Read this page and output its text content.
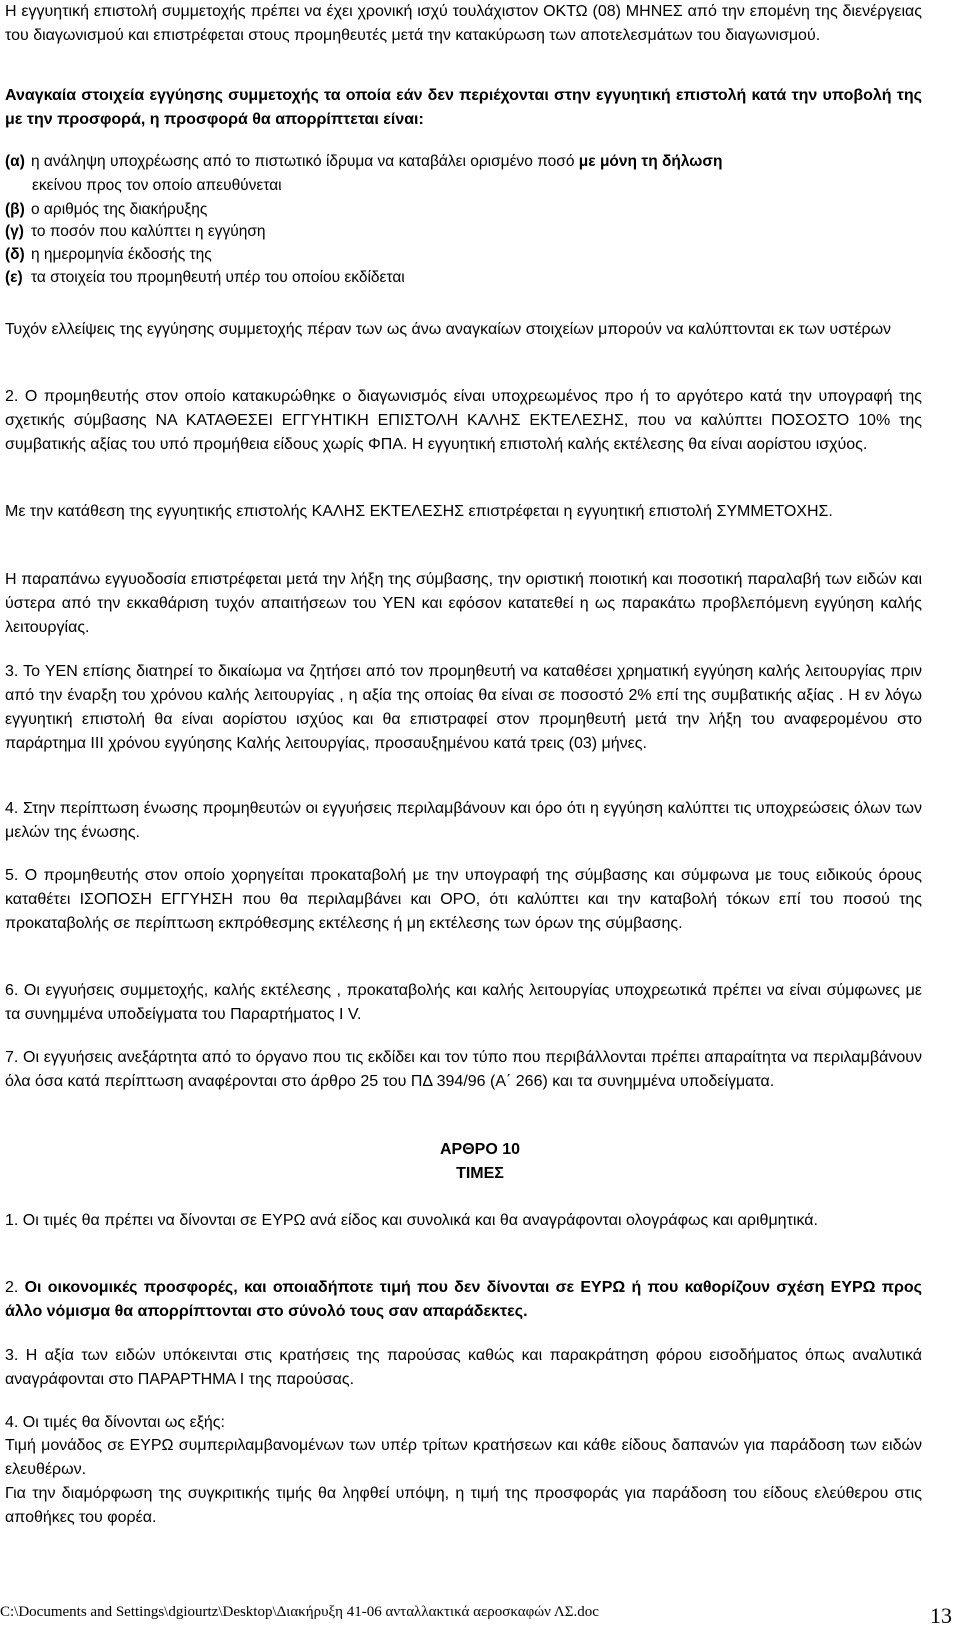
Η εγγυητική επιστολή συμμετοχής πρέπει να έχει χρονική ισχύ τουλάχιστον ΟΚΤΩ (08) ΜΗΝΕΣ από την επομένη της διενέργειας του διαγωνισμού και επιστρέφεται στους προμηθευτές μετά την κατακύρωση των αποτελεσμάτων του διαγωνισμού.

Αναγκαία στοιχεία εγγύησης συμμετοχής τα οποία εάν δεν περιέχονται στην εγγυητική επιστολή κατά την υποβολή της με την προσφορά, η προσφορά θα απορρίπτεται είναι:

(α) η ανάληψη υποχρέωσης από το πιστωτικό ίδρυμα να καταβάλει ορισμένο ποσό με μόνη τη δήλωση

εκείνου προς τον οποίο απευθύνεται

(β) ο αριθμός της διακήρυξης

(γ) το ποσόν που καλύπτει η εγγύηση

(δ) η ημερομηνία έκδοσής της

(ε) τα στοιχεία του προμηθευτή υπέρ του οποίου εκδίδεται

Τυχόν ελλείψεις της εγγύησης συμμετοχής πέραν των ως άνω αναγκαίων στοιχείων μπορούν να καλύπτονται εκ των υστέρων

2. Ο προμηθευτής στον οποίο κατακυρώθηκε ο διαγωνισμός είναι υποχρεωμένος προ ή το αργότερο κατά την υπογραφή της σχετικής σύμβασης ΝΑ ΚΑΤΑΘΕΣΕΙ ΕΓΓΥΗΤΙΚΗ ΕΠΙΣΤΟΛΗ ΚΑΛΗΣ ΕΚΤΕΛΕΣΗΣ, που να καλύπτει ΠΟΣΟΣΤΟ 10% της συμβατικής αξίας του υπό προμήθεια είδους χωρίς ΦΠΑ. Η εγγυητική επιστολή καλής εκτέλεσης θα είναι αορίστου ισχύος.

Με την κατάθεση της εγγυητικής επιστολής ΚΑΛΗΣ ΕΚΤΕΛΕΣΗΣ επιστρέφεται η εγγυητική επιστολή ΣΥΜΜΕΤΟΧΗΣ.

Η παραπάνω εγγυοδοσία επιστρέφεται μετά την λήξη της σύμβασης, την οριστική ποιοτική και ποσοτική παραλαβή των ειδών και ύστερα από την εκκαθάριση τυχόν απαιτήσεων του ΥΕΝ και εφόσον κατατεθεί η ως παρακάτω προβλεπόμενη εγγύηση καλής λειτουργίας.

3. Το ΥΕΝ επίσης διατηρεί το δικαίωμα να ζητήσει από τον προμηθευτή να καταθέσει χρηματική εγγύηση καλής λειτουργίας πριν από την έναρξη του χρόνου καλής λειτουργίας , η αξία της οποίας θα είναι σε ποσοστό 2% επί της συμβατικής αξίας . Η εν λόγω εγγυητική επιστολή θα είναι αορίστου ισχύος και θα επιστραφεί στον προμηθευτή μετά την λήξη του αναφερομένου στο παράρτημα ΙΙΙ χρόνου εγγύησης Καλής λειτουργίας, προσαυξημένου κατά τρεις (03) μήνες.

4. Στην περίπτωση ένωσης προμηθευτών οι εγγυήσεις περιλαμβάνουν και όρο ότι η εγγύηση καλύπτει τις υποχρεώσεις όλων των μελών της ένωσης.

5. Ο προμηθευτής στον οποίο χορηγείται προκαταβολή με την υπογραφή της σύμβασης και σύμφωνα με τους ειδικούς όρους καταθέτει ΙΣΟΠΟΣΗ ΕΓΓΥΗΣΗ που θα περιλαμβάνει και ΟΡΟ, ότι καλύπτει και την καταβολή τόκων επί του ποσού της προκαταβολής σε περίπτωση εκπρόθεσμης εκτέλεσης ή μη εκτέλεσης των όρων της σύμβασης.

6. Οι εγγυήσεις συμμετοχής, καλής εκτέλεσης , προκαταβολής και καλής λειτουργίας υποχρεωτικά πρέπει να είναι σύμφωνες με τα συνημμένα υποδείγματα του Παραρτήματος Ι V.

7. Οι εγγυήσεις ανεξάρτητα από το όργανο που τις εκδίδει και τον τύπο που περιβάλλονται πρέπει απαραίτητα να περιλαμβάνουν όλα όσα κατά περίπτωση αναφέρονται στο άρθρο 25 του ΠΔ 394/96 (Α΄ 266) και τα συνημμένα υποδείγματα.

ΑΡΘΡΟ 10

ΤΙΜΕΣ

1. Οι τιμές θα πρέπει να δίνονται σε ΕΥΡΩ ανά είδος και συνολικά και θα αναγράφονται ολογράφως και αριθμητικά.

2. Οι οικονομικές προσφορές, και οποιαδήποτε τιμή που δεν δίνονται σε ΕΥΡΩ ή που καθορίζουν σχέση ΕΥΡΩ προς άλλο νόμισμα θα απορρίπτονται στο σύνολό τους σαν απαράδεκτες.

3. Η αξία των ειδών υπόκεινται στις κρατήσεις της παρούσας καθώς και παρακράτηση φόρου εισοδήματος όπως αναλυτικά αναγράφονται στο ΠΑΡΑΡΤΗΜΑ Ι της παρούσας.

4. Οι τιμές θα δίνονται ως εξής:

Τιμή μονάδος σε ΕΥΡΩ συμπεριλαμβανομένων των υπέρ τρίτων κρατήσεων και κάθε είδους δαπανών για παράδοση των ειδών ελευθέρων.

Για την διαμόρφωση της συγκριτικής τιμής θα ληφθεί υπόψη, η τιμή της προσφοράς για παράδοση του είδους ελεύθερου στις αποθήκες του φορέα.

C:\Documents and Settings\dgiourtz\Desktop\Διακήρυξη 41-06 ανταλλακτικά αεροσκαφών ΛΣ.doc	13
